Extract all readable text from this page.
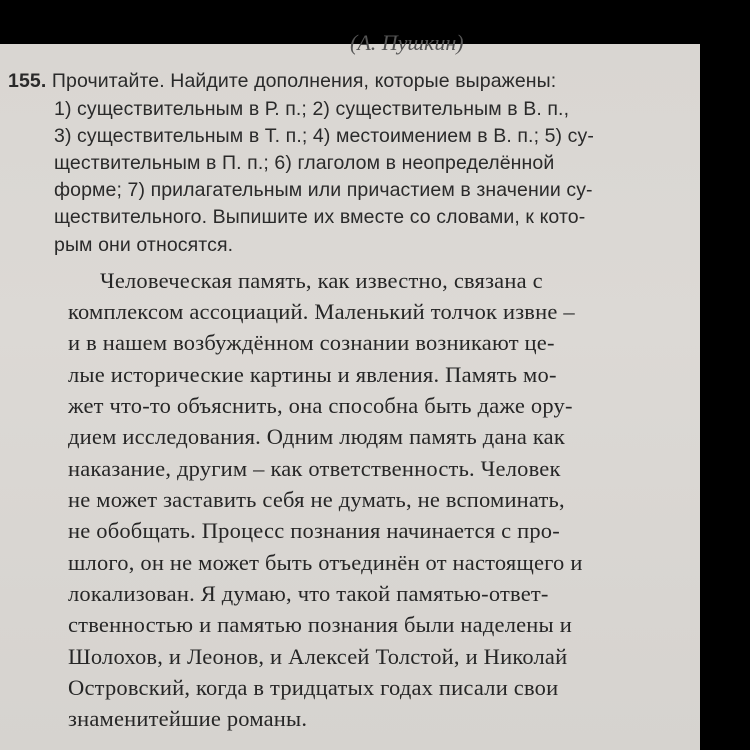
(А. Пушкин)
155. Прочитайте. Найдите дополнения, которые выражены:
1) существительным в Р. п.; 2) существительным в В. п.,
3) существительным в Т. п.; 4) местоимением в В. п.; 5) су-
ществительным в П. п.; 6) глаголом в неопределённой
форме; 7) прилагательным или причастием в значении су-
ществительного. Выпишите их вместе со словами, к кото-
рым они относятся.
Человеческая память, как известно, связана с
комплексом ассоциаций. Маленький толчок извне –
и в нашем возбуждённом сознании возникают це-
лые исторические картины и явления. Память мо-
жет что-то объяснить, она способна быть даже ору-
дием исследования. Одним людям память дана как
наказание, другим – как ответственность. Человек
не может заставить себя не думать, не вспоминать,
не обобщать. Процесс познания начинается с про-
шлого, он не может быть отъединён от настоящего и
локализован. Я думаю, что такой памятью-ответ-
ственностью и памятью познания были наделены и
Шолохов, и Леонов, и Алексей Толстой, и Николай
Островский, когда в тридцатых годах писали свои
знаменитейшие романы.
